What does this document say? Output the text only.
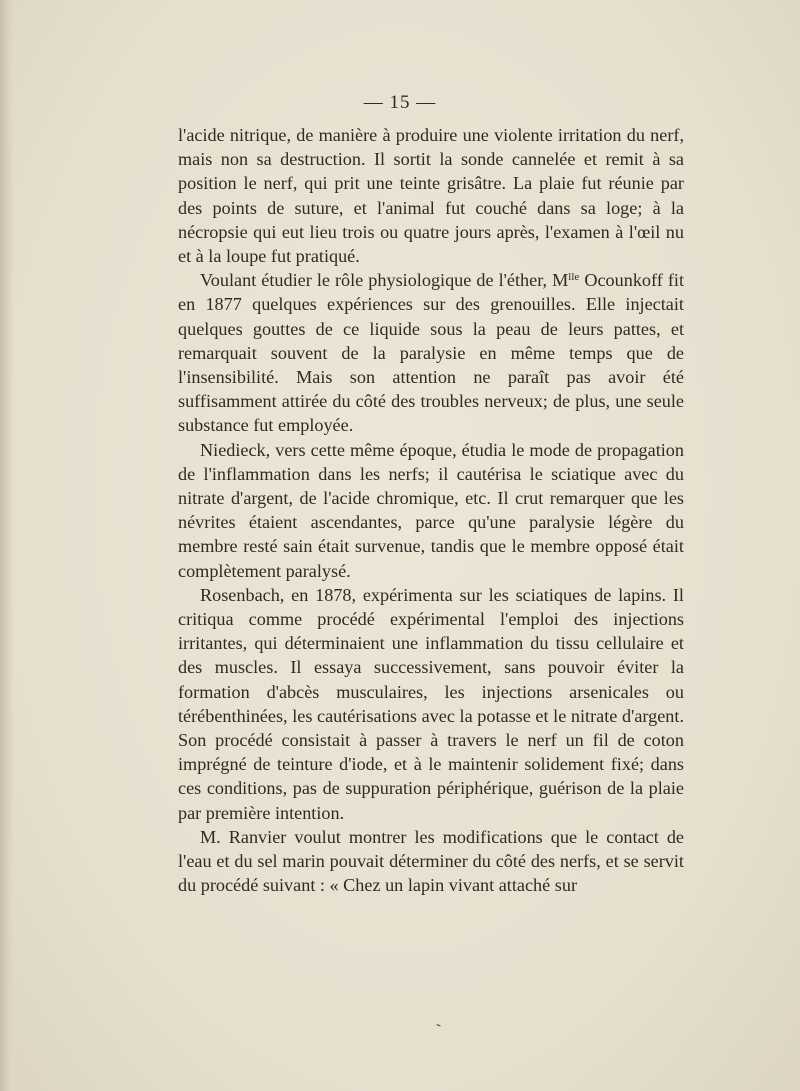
— 15 —

l'acide nitrique, de manière à produire une violente irritation du nerf, mais non sa destruction. Il sortit la sonde cannelée et remit à sa position le nerf, qui prit une teinte grisâtre. La plaie fut réunie par des points de suture, et l'animal fut couché dans sa loge; à la nécropsie qui eut lieu trois ou quatre jours après, l'examen à l'œil nu et à la loupe fut pratiqué.

Voulant étudier le rôle physiologique de l'éther, $M^{lle}$ Ocounkoff fit en 1877 quelques expériences sur des grenouilles. Elle injectait quelques gouttes de ce liquide sous la peau de leurs pattes, et remarquait souvent de la paralysie en même temps que de l'insensibilité. Mais son attention ne paraît pas avoir été suffisamment attirée du côté des troubles nerveux; de plus, une seule substance fut employée.

Niedieck, vers cette même époque, étudia le mode de propagation de l'inflammation dans les nerfs; il cautérisa le sciatique avec du nitrate d'argent, de l'acide chromique, etc. Il crut remarquer que les névrites étaient ascendantes, parce qu'une paralysie légère du membre resté sain était survenue, tandis que le membre opposé était complètement paralysé.

Rosenbach, en 1878, expérimenta sur les sciatiques de lapins. Il critiqua comme procédé expérimental l'emploi des injections irritantes, qui déterminaient une inflammation du tissu cellulaire et des muscles. Il essaya successivement, sans pouvoir éviter la formation d'abcès musculaires, les injections arsenicales ou térébenthinées, les cautérisations avec la potasse et le nitrate d'argent. Son procédé consistait à passer à travers le nerf un fil de coton imprégné de teinture d'iode, et à le maintenir solidement fixé; dans ces conditions, pas de suppuration périphérique, guérison de la plaie par première intention.

M. Ranvier voulut montrer les modifications que le contact de l'eau et du sel marin pouvait déterminer du côté des nerfs, et se servit du procédé suivant : « Chez un lapin vivant attaché sur

‑
